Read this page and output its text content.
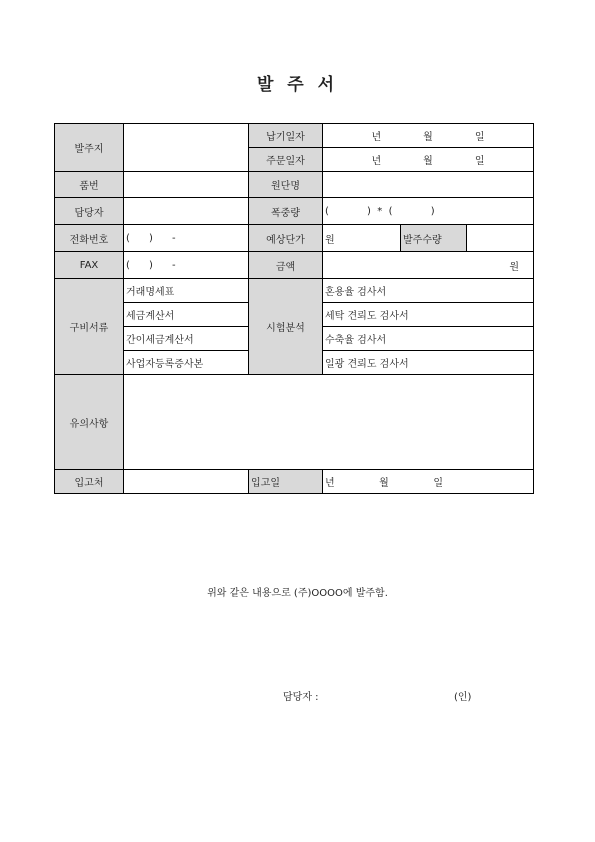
발 주 서
발주지		납기일자	년 월 일		
		주문일자	년 월 일		
품번		원단명			
담당자		폭중량	(            )  *  (            )		
전화번호	(      )      -	예상단가	원	발주수량	
FAX	(      )      -	금액	원		
구비서류	거래명세표	시험분석	혼용율 검사서		
	세금계산서		세탁 견뢰도 검사서		
	간이세금계산서		수축율 검사서		
	사업자등록증사본		일광 견뢰도 검사서		
유의사항					
입고처		입고일	년              월              일		
위와 같은 내용으로 (주)OOOO에 발주함.
담당자 :	(인)
